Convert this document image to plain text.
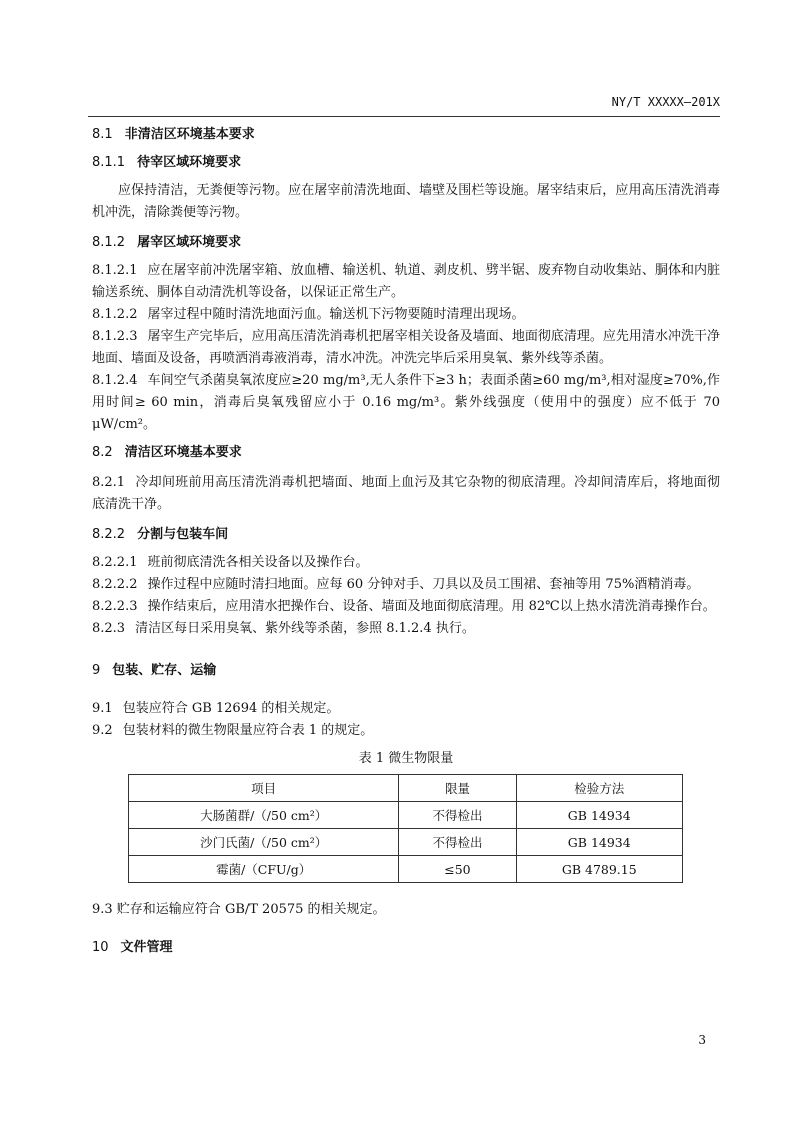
NY/T XXXXX—201X
8.1 非清洁区环境基本要求
8.1.1 待宰区域环境要求
应保持清洁，无粪便等污物。应在屠宰前清洗地面、墙壁及围栏等设施。屠宰结束后，应用高压清洗消毒机冲洗，清除粪便等污物。
8.1.2 屠宰区域环境要求
8.1.2.1 应在屠宰前冲洗屠宰箱、放血槽、输送机、轨道、剥皮机、劈半锯、废弃物自动收集站、胴体和内脏输送系统、胴体自动清洗机等设备，以保证正常生产。
8.1.2.2 屠宰过程中随时清洗地面污血。输送机下污物要随时清理出现场。
8.1.2.3 屠宰生产完毕后，应用高压清洗消毒机把屠宰相关设备及墙面、地面彻底清理。应先用清水冲洗干净地面、墙面及设备，再喷洒消毒液消毒，清水冲洗。冲洗完毕后采用臭氧、紫外线等杀菌。
8.1.2.4 车间空气杀菌臭氧浓度应≥20 mg/m³,无人条件下≥3 h；表面杀菌≥60 mg/m³,相对湿度≥70%,作用时间≥ 60 min，消毒后臭氧残留应小于 0.16 mg/m³。紫外线强度（使用中的强度）应不低于 70 μW/cm²。
8.2 清洁区环境基本要求
8.2.1 冷却间班前用高压清洗消毒机把墙面、地面上血污及其它杂物的彻底清理。冷却间清库后，将地面彻底清洗干净。
8.2.2 分割与包装车间
8.2.2.1 班前彻底清洗各相关设备以及操作台。
8.2.2.2 操作过程中应随时清扫地面。应每 60 分钟对手、刀具以及员工围裙、套袖等用 75%酒精消毒。
8.2.2.3 操作结束后，应用清水把操作台、设备、墙面及地面彻底清理。用 82℃以上热水清洗消毒操作台。
8.2.3 清洁区每日采用臭氧、紫外线等杀菌，参照 8.1.2.4 执行。
9 包装、贮存、运输
9.1 包装应符合 GB 12694 的相关规定。
9.2 包装材料的微生物限量应符合表 1 的规定。
表 1 微生物限量
项目	限量	检验方法
大肠菌群/（/50 cm²）	不得检出	GB 14934
沙门氏菌/（/50 cm²）	不得检出	GB 14934
霉菌/（CFU/g）	≤50	GB 4789.15
9.3 贮存和运输应符合 GB/T 20575 的相关规定。
10 文件管理
3
